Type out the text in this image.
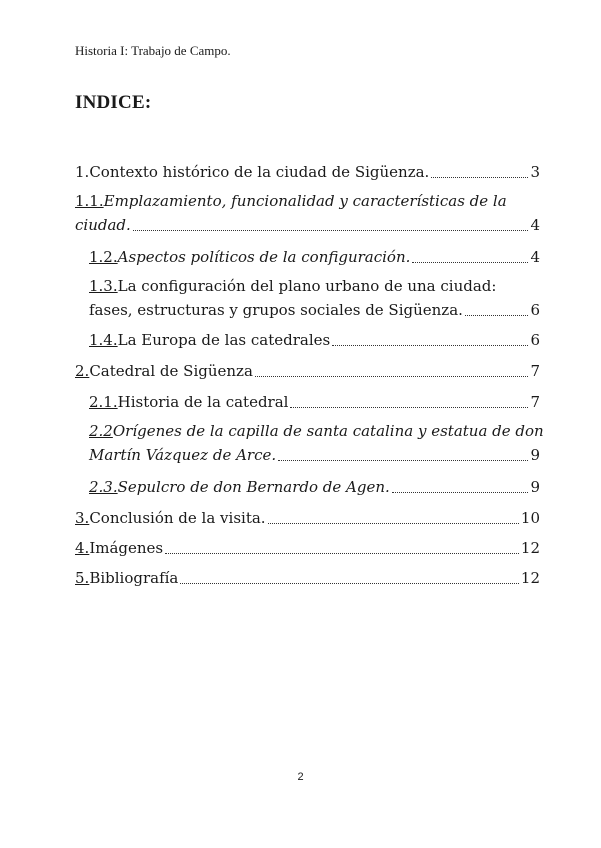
Historia I: Trabajo de Campo.
INDICE:
1. Contexto histórico de la ciudad de Sigüenza.	3
1.1. Emplazamiento, funcionalidad y características de la
ciudad.	4
1.2. Aspectos políticos de la configuración.	4
1.3. La configuración del plano urbano de una ciudad:
fases, estructuras y grupos sociales de Sigüenza.	6
1.4. La Europa de las catedrales	6
2. Catedral de Sigüenza	7
2.1. Historia de la catedral	7
2.2 Orígenes de la capilla de santa catalina y estatua de don
Martín Vázquez de Arce.	9
2.3. Sepulcro de don Bernardo de Agen.	9
3. Conclusión de la visita.	10
4. Imágenes	12
5. Bibliografía	12
2
